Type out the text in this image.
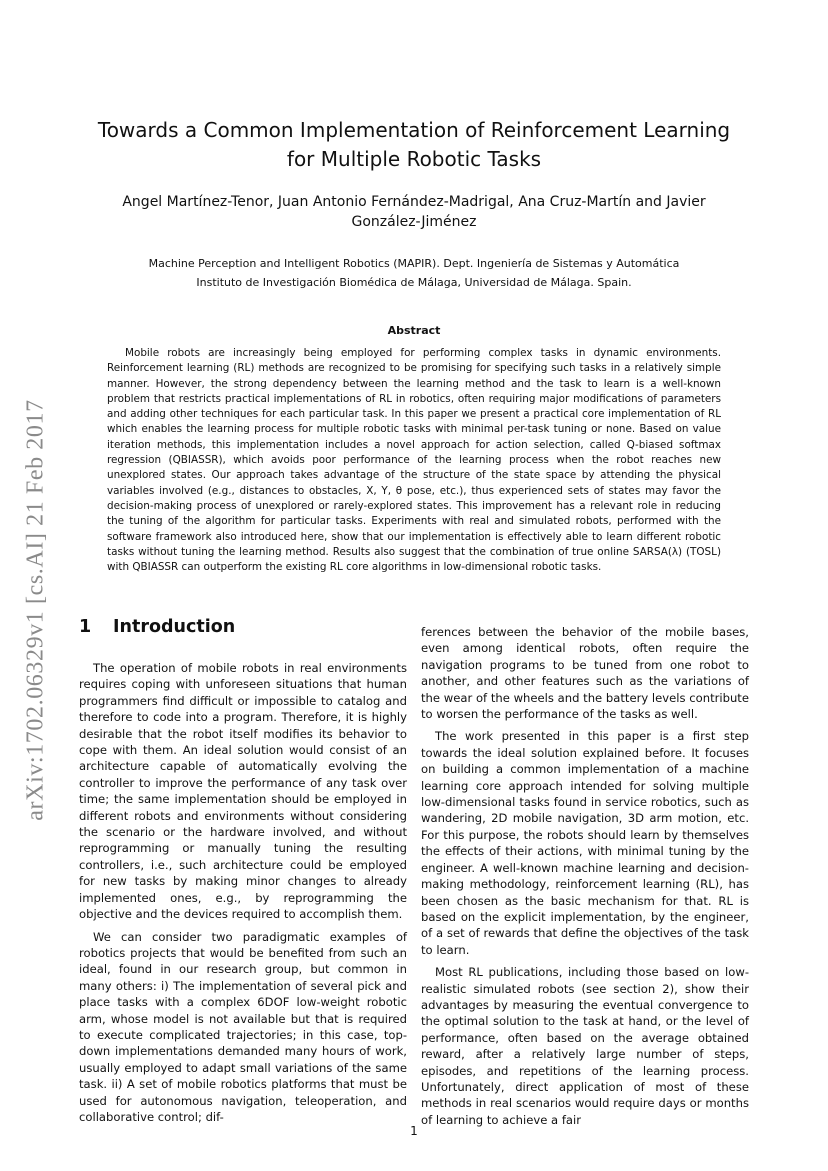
arXiv:1702.06329v1 [cs.AI] 21 Feb 2017
Towards a Common Implementation of Reinforcement Learning for Multiple Robotic Tasks
Angel Martínez-Tenor, Juan Antonio Fernández-Madrigal, Ana Cruz-Martín and Javier González-Jiménez
Machine Perception and Intelligent Robotics (MAPIR). Dept. Ingeniería de Sistemas y Automática
Instituto de Investigación Biomédica de Málaga, Universidad de Málaga. Spain.
Abstract

Mobile robots are increasingly being employed for performing complex tasks in dynamic environments. Reinforcement learning (RL) methods are recognized to be promising for specifying such tasks in a relatively simple manner. However, the strong dependency between the learning method and the task to learn is a well-known problem that restricts practical implementations of RL in robotics, often requiring major modifications of parameters and adding other techniques for each particular task. In this paper we present a practical core implementation of RL which enables the learning process for multiple robotic tasks with minimal per-task tuning or none. Based on value iteration methods, this implementation includes a novel approach for action selection, called Q-biased softmax regression (QBIASSR), which avoids poor performance of the learning process when the robot reaches new unexplored states. Our approach takes advantage of the structure of the state space by attending the physical variables involved (e.g., distances to obstacles, X, Y, θ pose, etc.), thus experienced sets of states may favor the decision-making process of unexplored or rarely-explored states. This improvement has a relevant role in reducing the tuning of the algorithm for particular tasks. Experiments with real and simulated robots, performed with the software framework also introduced here, show that our implementation is effectively able to learn different robotic tasks without tuning the learning method. Results also suggest that the combination of true online SARSA(λ) (TOSL) with QBIASSR can outperform the existing RL core algorithms in low-dimensional robotic tasks.

1 Introduction

The operation of mobile robots in real environments requires coping with unforeseen situations that human programmers find difficult or impossible to catalog and therefore to code into a program. Therefore, it is highly desirable that the robot itself modifies its behavior to cope with them. An ideal solution would consist of an architecture capable of automatically evolving the controller to improve the performance of any task over time; the same implementation should be employed in different robots and environments without considering the scenario or the hardware involved, and without reprogramming or manually tuning the resulting controllers, i.e., such architecture could be employed for new tasks by making minor changes to already implemented ones, e.g., by reprogramming the objective and the devices required to accomplish them.

We can consider two paradigmatic examples of robotics projects that would be benefited from such an ideal, found in our research group, but common in many others: i) The implementation of several pick and place tasks with a complex 6DOF low-weight robotic arm, whose model is not available but that is required to execute complicated trajectories; in this case, top-down implementations demanded many hours of work, usually employed to adapt small variations of the same task. ii) A set of mobile robotics platforms that must be used for autonomous navigation, teleoperation, and collaborative control; dif-

ferences between the behavior of the mobile bases, even among identical robots, often require the navigation programs to be tuned from one robot to another, and other features such as the variations of the wear of the wheels and the battery levels contribute to worsen the performance of the tasks as well.

The work presented in this paper is a first step towards the ideal solution explained before. It focuses on building a common implementation of a machine learning core approach intended for solving multiple low-dimensional tasks found in service robotics, such as wandering, 2D mobile navigation, 3D arm motion, etc. For this purpose, the robots should learn by themselves the effects of their actions, with minimal tuning by the engineer. A well-known machine learning and decision-making methodology, reinforcement learning (RL), has been chosen as the basic mechanism for that. RL is based on the explicit implementation, by the engineer, of a set of rewards that define the objectives of the task to learn.

Most RL publications, including those based on low-realistic simulated robots (see section 2), show their advantages by measuring the eventual convergence to the optimal solution to the task at hand, or the level of performance, often based on the average obtained reward, after a relatively large number of steps, episodes, and repetitions of the learning process. Unfortunately, direct application of most of these methods in real scenarios would require days or months of learning to achieve a fair

1
